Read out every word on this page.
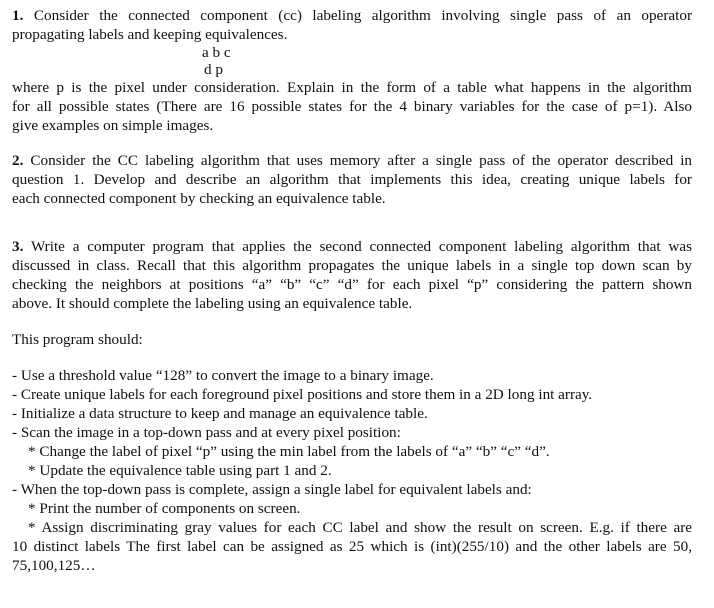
1. Consider the connected component (cc) labeling algorithm involving single pass of an operator
propagating labels and keeping equivalences.
a b c
d p
where p is the pixel under consideration. Explain in the form of a table what happens in the algorithm
for all possible states (There are 16 possible states for the 4 binary variables for the case of p=1). Also
give examples on simple images.
2. Consider the CC labeling algorithm that uses memory after a single pass of the operator described in
question 1. Develop and describe an algorithm that implements this idea, creating unique labels for
each connected component by checking an equivalence table.
3. Write a computer program that applies the second connected component labeling algorithm that was
discussed in class. Recall that this algorithm propagates the unique labels in a single top down scan by
checking the neighbors at positions “a” “b” “c” “d” for each pixel “p” considering the pattern shown
above. It should complete the labeling using an equivalence table.
This program should:
- Use a threshold value “128” to convert the image to a binary image.
- Create unique labels for each foreground pixel positions and store them in a 2D long int array.
- Initialize a data structure to keep and manage an equivalence table.
- Scan the image in a top-down pass and at every pixel position:
* Change the label of pixel “p” using the min label from the labels of “a” “b” “c” “d”.
* Update the equivalence table using part 1 and 2.
- When the top-down pass is complete, assign a single label for equivalent labels and:
* Print the number of components on screen.
* Assign discriminating gray values for each CC label and show the result on screen. E.g. if there are
10 distinct labels The first label can be assigned as 25 which is (int)(255/10) and the other labels are 50,
75,100,125…
